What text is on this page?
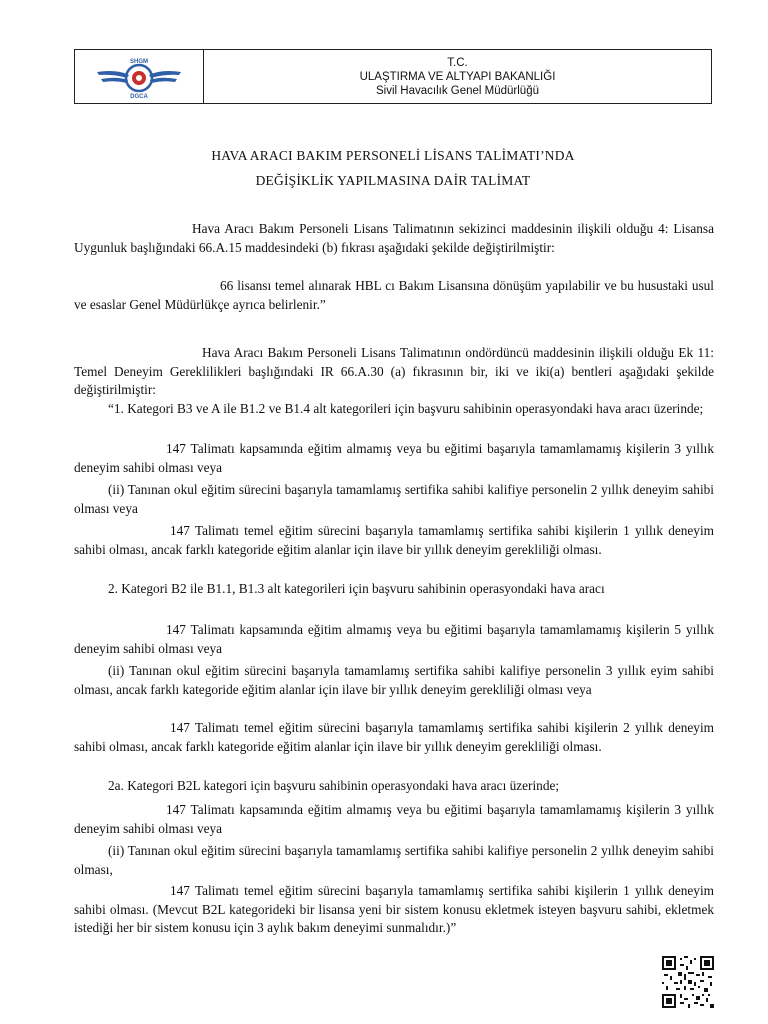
SHGM
DGCA
T.C.
ULAŞTIRMA VE ALTYAPI BAKANLIĞI
Sivil Havacılık Genel Müdürlüğü
HAVA ARACI BAKIM PERSONELİ LİSANS TALİMATI’NDA
DEĞİŞİKLİK YAPILMASINA DAİR TALİMAT

Hava Aracı Bakım Personeli Lisans Talimatının sekizinci maddesinin ilişkili olduğu 4: Lisansa Uygunluk başlığındaki 66.A.15 maddesindeki (b) fıkrası aşağıdaki şekilde değiştirilmiştir:

66 lisansı temel alınarak HBL cı Bakım Lisansına dönüşüm yapılabilir ve bu husustaki usul ve esaslar Genel Müdürlükçe ayrıca belirlenir.”

Hava Aracı Bakım Personeli Lisans Talimatının ondördüncü maddesinin ilişkili olduğu Ek 11: Temel Deneyim Gereklilikleri başlığındaki IR 66.A.30 (a) fıkrasının bir, iki ve iki(a) bentleri aşağıdaki şekilde değiştirilmiştir:

“1. Kategori B3 ve A ile B1.2 ve B1.4 alt kategorileri için başvuru sahibinin operasyondaki hava aracı üzerinde;

147 Talimatı kapsamında eğitim almamış veya bu eğitimi başarıyla tamamlamamış kişilerin 3 yıllık deneyim sahibi olması veya

(ii) Tanınan okul eğitim sürecini başarıyla tamamlamış sertifika sahibi kalifiye personelin 2 yıllık deneyim sahibi olması veya

147 Talimatı temel eğitim sürecini başarıyla tamamlamış sertifika sahibi kişilerin 1 yıllık deneyim sahibi olması, ancak farklı kategoride eğitim alanlar için ilave bir yıllık deneyim gerekliliği olması.

2. Kategori B2 ile B1.1, B1.3 alt kategorileri için başvuru sahibinin operasyondaki hava aracı

147 Talimatı kapsamında eğitim almamış veya bu eğitimi başarıyla tamamlamamış kişilerin 5 yıllık deneyim sahibi olması veya

(ii) Tanınan okul eğitim sürecini başarıyla tamamlamış sertifika sahibi kalifiye personelin 3 yıllık eyim sahibi olması, ancak farklı kategoride eğitim alanlar için ilave bir yıllık deneyim gerekliliği olması veya

147 Talimatı temel eğitim sürecini başarıyla tamamlamış sertifika sahibi kişilerin 2 yıllık deneyim sahibi olması, ancak farklı kategoride eğitim alanlar için ilave bir yıllık deneyim gerekliliği olması.

2a. Kategori B2L kategori için başvuru sahibinin operasyondaki hava aracı üzerinde;

147 Talimatı kapsamında eğitim almamış veya bu eğitimi başarıyla tamamlamamış kişilerin 3 yıllık deneyim sahibi olması veya

(ii) Tanınan okul eğitim sürecini başarıyla tamamlamış sertifika sahibi kalifiye personelin 2 yıllık deneyim sahibi olması,

147 Talimatı temel eğitim sürecini başarıyla tamamlamış sertifika sahibi kişilerin 1 yıllık deneyim sahibi olması. (Mevcut B2L kategorideki bir lisansa yeni bir sistem konusu ekletmek isteyen başvuru sahibi, ekletmek istediği her bir sistem konusu için 3 aylık bakım deneyimi sunmalıdır.)”
